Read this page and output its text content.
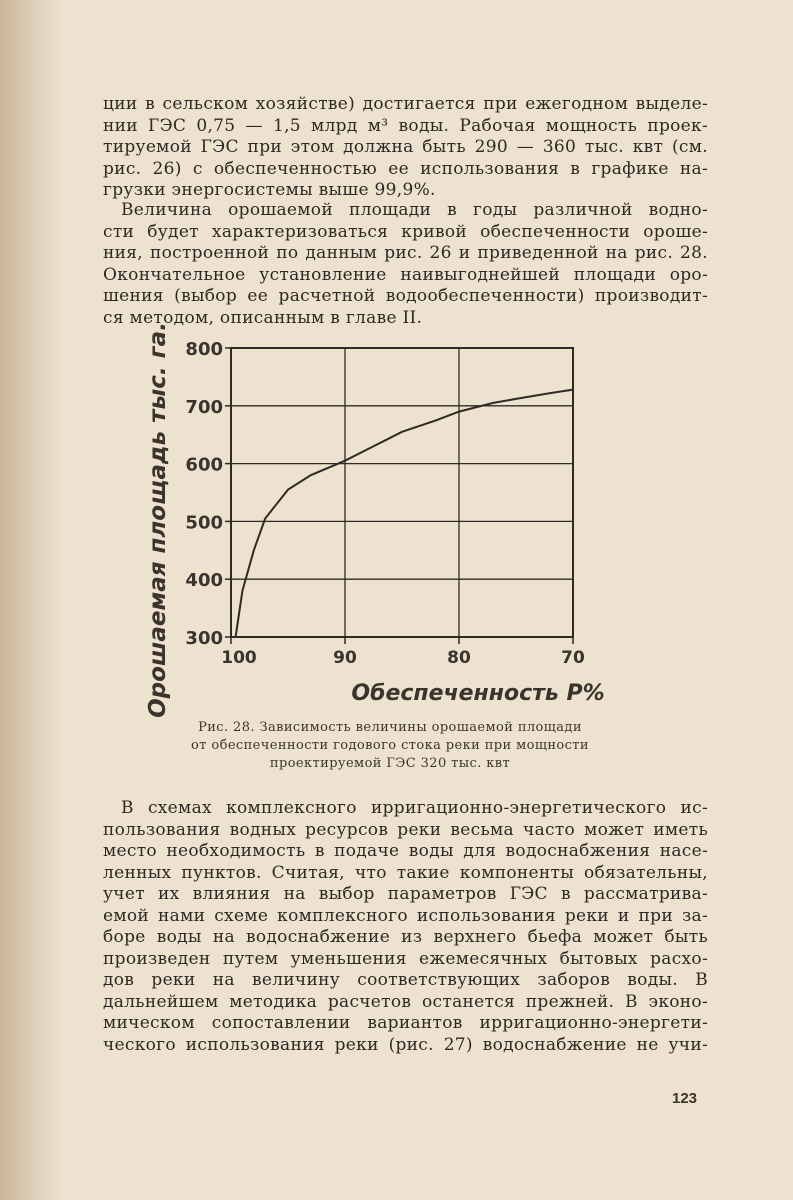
ции в сельском хозяйстве) достигается при ежегодном выделе-
нии ГЭС 0,75 — 1,5 млрд м³ воды. Рабочая мощность проек-
тируемой ГЭС при этом должна быть 290 — 360 тыс. квт (см.
рис. 26) с обеспеченностью ее использования в графике на-
грузки энергосистемы выше 99,9%.

Величина орошаемой площади в годы различной водно-
сти будет характеризоваться кривой обеспеченности ороше-
ния, построенной по данным рис. 26 и приведенной на рис. 28.
Окончательное установление наивыгоднейшей площади оро-
шения (выбор ее расчетной водообеспеченности) производит-
ся методом, описанным в главе II.

300
400
500
600
700
800
100	90	80	70
Орошаемая площадь тыс. га.	Обеспеченность Р%
Рис. 28. Зависимость величины орошаемой площади
от обеспеченности годового стока реки при мощности
проектируемой ГЭС 320 тыс. квт

В схемах комплексного ирригационно-энергетического ис-
пользования водных ресурсов реки весьма часто может иметь
место необходимость в подаче воды для водоснабжения насе-
ленных пунктов. Считая, что такие компоненты обязательны,
учет их влияния на выбор параметров ГЭС в рассматрива-
емой нами схеме комплексного использования реки и при за-
боре воды на водоснабжение из верхнего бьефа может быть
произведен путем уменьшения ежемесячных бытовых расхо-
дов реки на величину соответствующих заборов воды. В
дальнейшем методика расчетов останется прежней. В эконо-
мическом сопоставлении вариантов ирригационно-энергети-
ческого использования реки (рис. 27) водоснабжение не учи-

123
